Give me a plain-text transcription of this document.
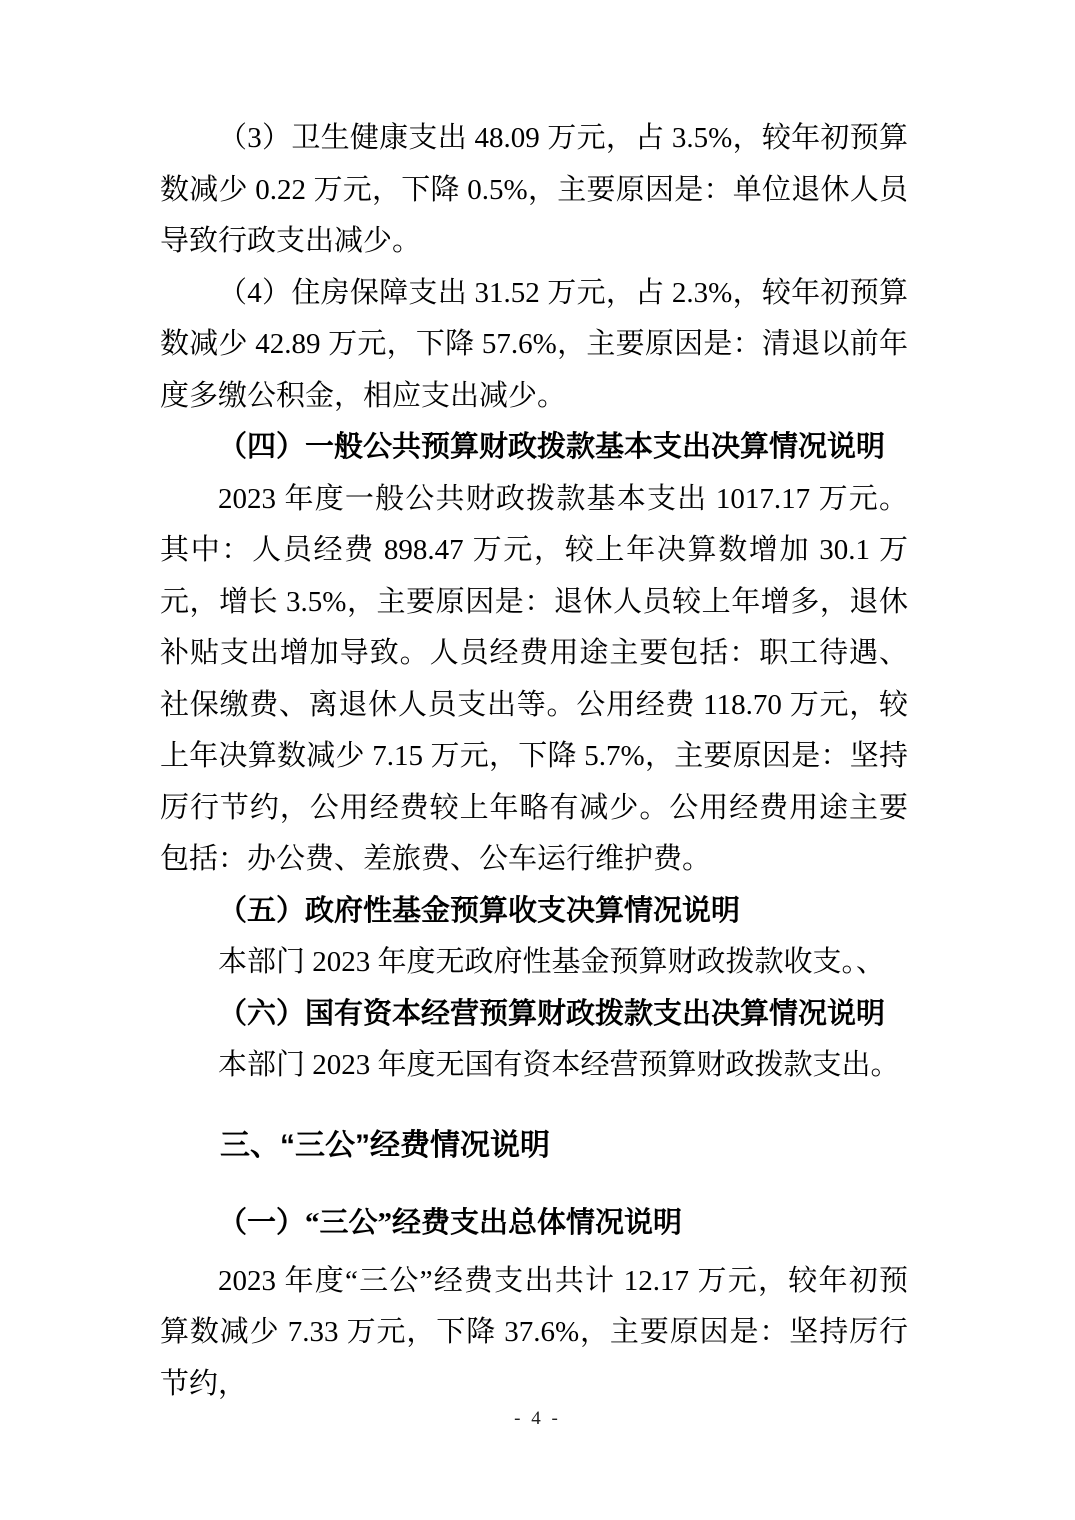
（3）卫生健康支出 48.09 万元，占 3.5%，较年初预算数减少 0.22 万元，下降 0.5%，主要原因是：单位退休人员导致行政支出减少。

（4）住房保障支出 31.52 万元，占 2.3%，较年初预算数减少 42.89 万元，下降 57.6%，主要原因是：清退以前年度多缴公积金，相应支出减少。

（四）一般公共预算财政拨款基本支出决算情况说明

2023 年度一般公共财政拨款基本支出 1017.17 万元。其中：人员经费 898.47 万元，较上年决算数增加 30.1 万元，增长 3.5%，主要原因是：退休人员较上年增多，退休补贴支出增加导致。人员经费用途主要包括：职工待遇、社保缴费、离退休人员支出等。公用经费 118.70 万元，较上年决算数减少 7.15 万元，下降 5.7%，主要原因是：坚持厉行节约，公用经费较上年略有减少。公用经费用途主要包括：办公费、差旅费、公车运行维护费。

（五）政府性基金预算收支决算情况说明

本部门 2023 年度无政府性基金预算财政拨款收支。、

（六）国有资本经营预算财政拨款支出决算情况说明

本部门 2023 年度无国有资本经营预算财政拨款支出。

三、“三公”经费情况说明
（一）“三公”经费支出总体情况说明

2023 年度“三公”经费支出共计 12.17 万元，较年初预算数减少 7.33 万元，下降 37.6%，主要原因是：坚持厉行节约，

- 4 -
